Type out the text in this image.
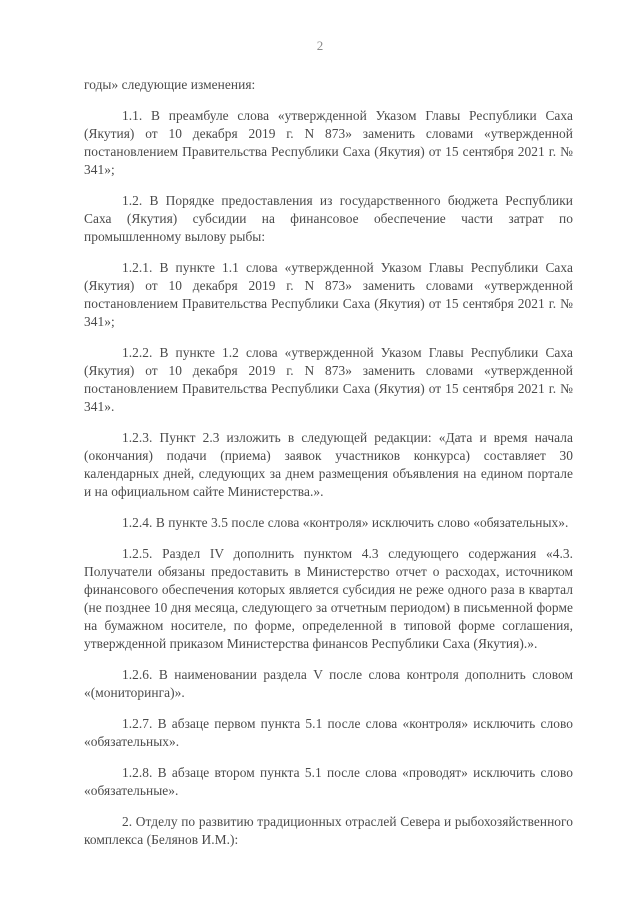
2

годы» следующие изменения:

1.1. В преамбуле слова «утвержденной Указом Главы Республики Саха (Якутия) от 10 декабря 2019 г. N 873» заменить словами «утвержденной постановлением Правительства Республики Саха (Якутия) от 15 сентября 2021 г. № 341»;

1.2. В Порядке предоставления из государственного бюджета Республики Саха (Якутия) субсидии на финансовое обеспечение части затрат по промышленному вылову рыбы:

1.2.1. В пункте 1.1 слова «утвержденной Указом Главы Республики Саха (Якутия) от 10 декабря 2019 г. N 873» заменить словами «утвержденной постановлением Правительства Республики Саха (Якутия) от 15 сентября 2021 г. № 341»;

1.2.2. В пункте 1.2 слова «утвержденной Указом Главы Республики Саха (Якутия) от 10 декабря 2019 г. N 873» заменить словами «утвержденной постановлением Правительства Республики Саха (Якутия) от 15 сентября 2021 г. № 341».

1.2.3. Пункт 2.3 изложить в следующей редакции: «Дата и время начала (окончания) подачи (приема) заявок участников конкурса) составляет 30 календарных дней, следующих за днем размещения объявления на едином портале и на официальном сайте Министерства.».

1.2.4. В пункте 3.5 после слова «контроля» исключить слово «обязательных».

1.2.5. Раздел IV дополнить пунктом 4.3 следующего содержания «4.3. Получатели обязаны предоставить в Министерство отчет о расходах, источником финансового обеспечения которых является субсидия не реже одного раза в квартал (не позднее 10 дня месяца, следующего за отчетным периодом) в письменной форме на бумажном носителе, по форме, определенной в типовой форме соглашения, утвержденной приказом Министерства финансов Республики Саха (Якутия).».

1.2.6. В наименовании раздела V после слова контроля дополнить словом «(мониторинга)».

1.2.7. В абзаце первом пункта 5.1 после слова «контроля» исключить слово «обязательных».

1.2.8. В абзаце втором пункта 5.1 после слова «проводят» исключить слово «обязательные».

2. Отделу по развитию традиционных отраслей Севера и рыбохозяйственного комплекса (Белянов И.М.):
